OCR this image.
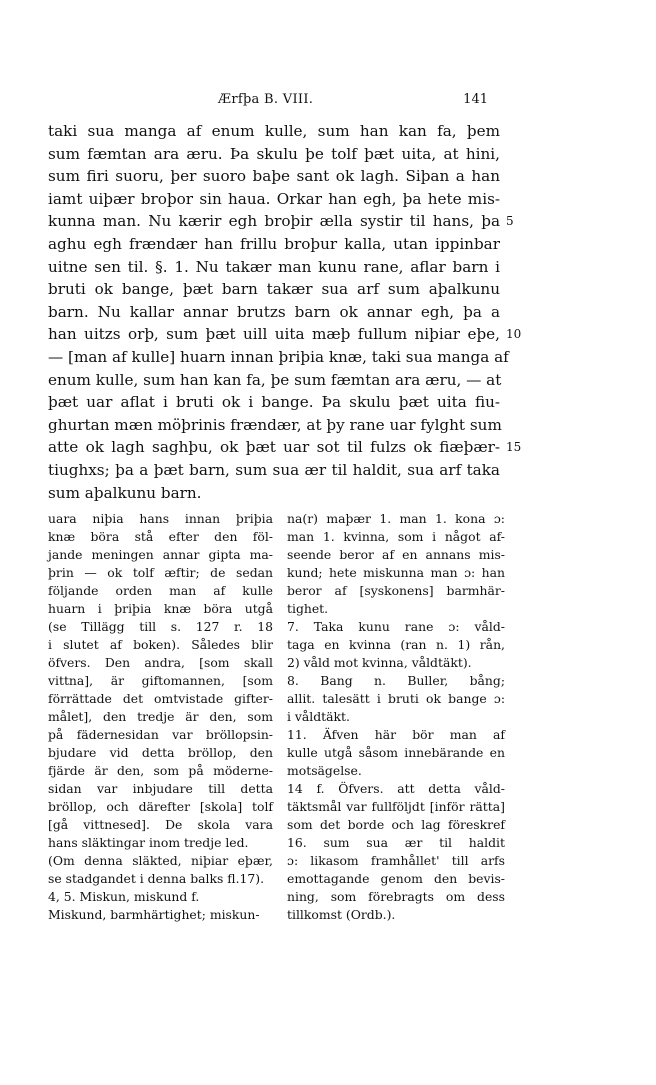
Ærfþa B. VIII.	141
taki sua manga af enum kulle, sum han kan fa, þem
sum fæmtan ara æru. Þa skulu þe tolf þæt uita, at hini,
sum firi suoru, þer suoro baþe sant ok lagh. Siþan a han
iamt uiþær broþor sin haua. Orkar han egh, þa hete mis-
kunna man. Nu kærir egh broþir ælla systir til hans, þa 5
aghu egh frændær han frillu broþur kalla, utan ippinbar
uitne sen til. §. 1. Nu takær man kunu rane, aflar barn i
bruti ok bange, þæt barn takær sua arf sum aþalkunu
barn. Nu kallar annar brutzs barn ok annar egh, þa a
han uitzs orþ, sum þæt uill uita mæþ fullum niþiar eþe, 10
— [man af kulle] huarn innan þriþia knæ, taki sua manga af
enum kulle, sum han kan fa, þe sum fæmtan ara æru, — at
þæt uar aflat i bruti ok i bange. Þa skulu þæt uita fiu-
ghurtan mæn möþrinis frændær, at þy rane uar fylght sum
atte ok lagh saghþu, ok þæt uar sot til fulzs ok fiæþær- 15
tiughxs; þa a þæt barn, sum sua ær til haldit, sua arf taka
sum aþalkunu barn.
uara niþia hans innan þriþia
knæ böra stå efter den föl-
jande meningen annar gipta ma-
þrin — ok tolf æftir; de sedan
följande orden man af kulle
huarn i þriþia knæ böra utgå
(se Tillägg till s. 127 r. 18
i slutet af boken). Således blir
öfvers. Den andra, [som skall
vittna], är giftomannen, [som
förrättade det omtvistade gifter-
målet], den tredje är den, som
på fädernesidan var bröllopsin-
bjudare vid detta bröllop, den
fjärde är den, som på möderne-
sidan var inbjudare till detta
bröllop, och därefter [skola] tolf
[gå vittnesed]. De skola vara
hans släktingar inom tredje led.
(Om denna släkted, niþiar eþær,
se stadgandet i denna balks fl.17).
4, 5. Miskun, miskund f.
Miskund, barmhärtighet; miskun-
na(r) maþær 1. man 1. kona ɔ:
man 1. kvinna, som i något af-
seende beror af en annans mis-
kund; hete miskunna man ɔ: han
beror af [syskonens] barmhär-
tighet.
7. Taka kunu rane ɔ: våld-
taga en kvinna (ran n. 1) rån,
2) våld mot kvinna, våldtäkt).
8. Bang n. Buller, bång;
allit. talesätt i bruti ok bange ɔ:
i våldtäkt.
11. Äfven här bör man af
kulle utgå såsom innebärande en
motsägelse.
14 f. Öfvers. att detta våld-
täktsmål var fullföljdt [inför rätta]
som det borde och lag föreskref
16. sum sua ær til haldit
ɔ: likasom framhållet' till arfs
emottagande genom den bevis-
ning, som förebragts om dess
tillkomst (Ordb.).
